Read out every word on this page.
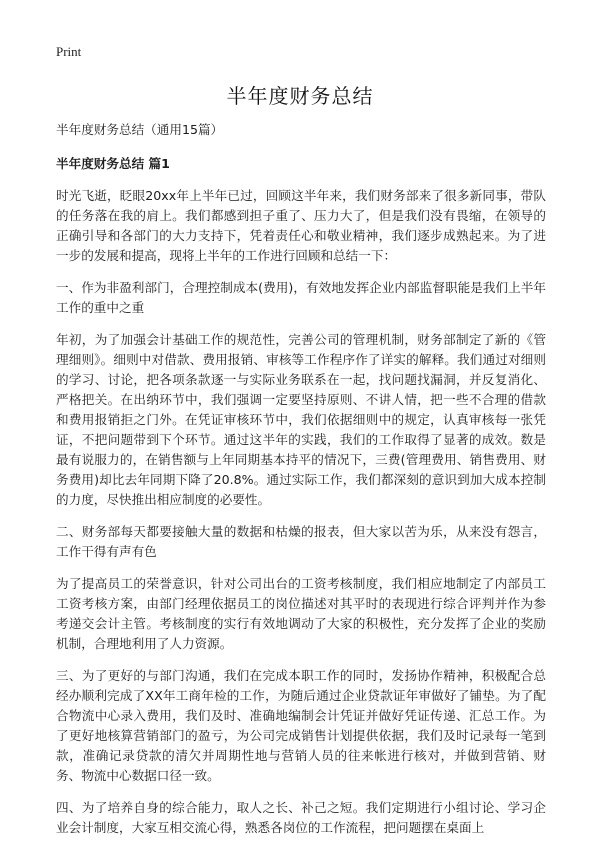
Print
半年度财务总结

半年度财务总结（通用15篇）

半年度财务总结 篇1

时光飞逝，眨眼20xx年上半年已过，回顾这半年来，我们财务部来了很多新同事，带队的任务落在我的肩上。我们都感到担子重了、压力大了，但是我们没有畏缩，在领导的正确引导和各部门的大力支持下，凭着责任心和敬业精神，我们逐步成熟起来。为了进一步的发展和提高，现将上半年的工作进行回顾和总结一下：

一、作为非盈利部门，合理控制成本(费用)，有效地发挥企业内部监督职能是我们上半年工作的重中之重

年初，为了加强会计基础工作的规范性，完善公司的管理机制，财务部制定了新的《管理细则》。细则中对借款、费用报销、审核等工作程序作了详实的解释。我们通过对细则的学习、讨论，把各项条款逐一与实际业务联系在一起，找问题找漏洞，并反复消化、严格把关。在出纳环节中，我们强调一定要坚持原则、不讲人情，把一些不合理的借款和费用报销拒之门外。在凭证审核环节中，我们依据细则中的规定，认真审核每一张凭证，不把问题带到下个环节。通过这半年的实践，我们的工作取得了显著的成效。数是最有说服力的，在销售额与上年同期基本持平的情况下，三费(管理费用、销售费用、财务费用)却比去年同期下降了20.8%。通过实际工作，我们都深刻的意识到加大成本控制的力度，尽快推出相应制度的必要性。

二、财务部每天都要接触大量的数据和枯燥的报表，但大家以苦为乐，从来没有怨言，工作干得有声有色

为了提高员工的荣誉意识，针对公司出台的工资考核制度，我们相应地制定了内部员工工资考核方案，由部门经理依据员工的岗位描述对其平时的表现进行综合评判并作为参考递交会计主管。考核制度的实行有效地调动了大家的积极性，充分发挥了企业的奖励机制，合理地利用了人力资源。

三、为了更好的与部门沟通，我们在完成本职工作的同时，发扬协作精神，积极配合总经办顺利完成了XX年工商年检的工作，为随后通过企业贷款证年审做好了铺垫。为了配合物流中心录入费用，我们及时、准确地编制会计凭证并做好凭证传递、汇总工作。为了更好地核算营销部门的盈亏，为公司完成销售计划提供依据，我们及时记录每一笔到款，准确记录贷款的清欠并周期性地与营销人员的往来帐进行核对，并做到营销、财务、物流中心数据口径一致。

四、为了培养自身的综合能力，取人之长、补己之短。我们定期进行小组讨论、学习企业会计制度，大家互相交流心得，熟悉各岗位的工作流程，把问题摆在桌面上
